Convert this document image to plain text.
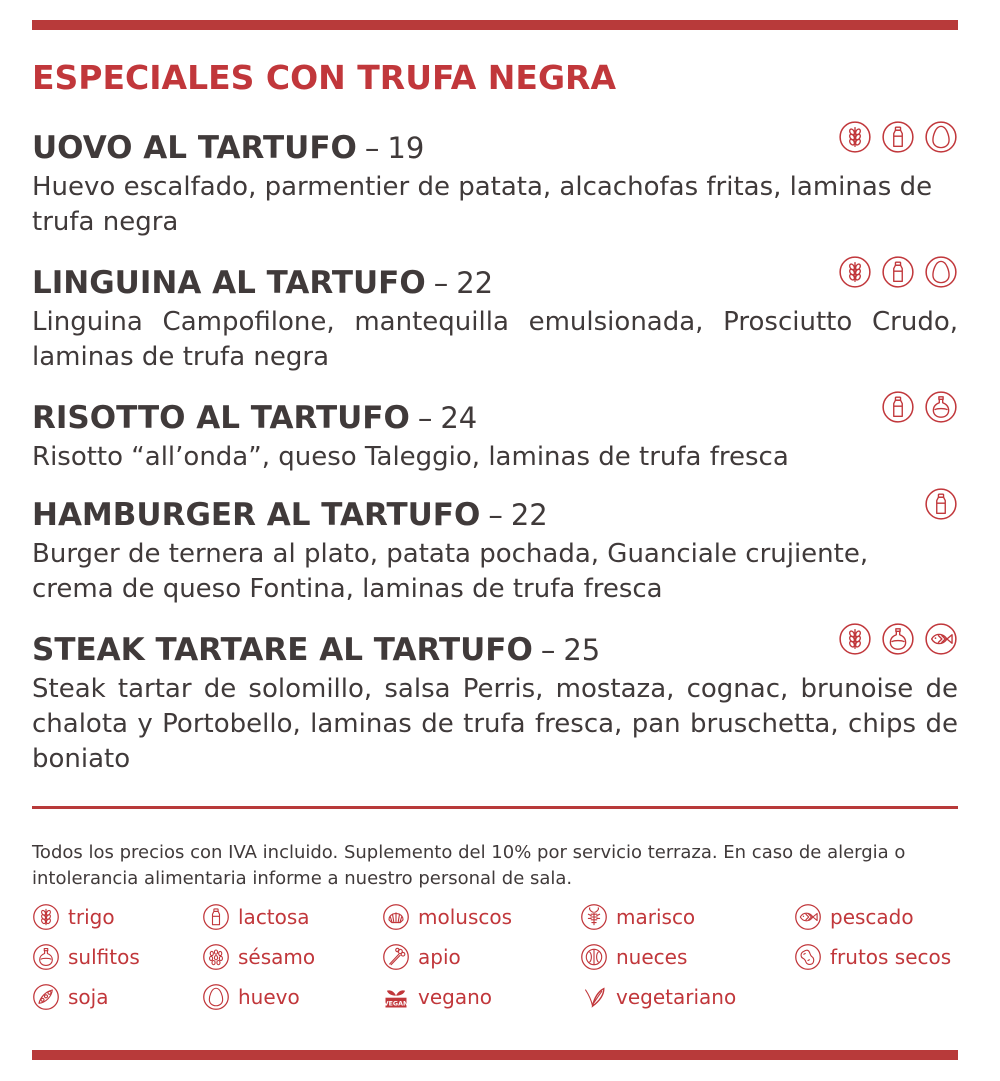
ESPECIALES CON TRUFA NEGRA
UOVO AL TARTUFO – 19

Huevo escalfado, parmentier de patata, alcachofas fritas, laminas de trufa negra

LINGUINA AL TARTUFO – 22

Linguina Campofilone, mantequilla emulsionada, Prosciutto Crudo, laminas de trufa negra

RISOTTO AL TARTUFO – 24

Risotto “all’onda”, queso Taleggio, laminas de trufa fresca

HAMBURGER AL TARTUFO – 22

Burger de ternera al plato, patata pochada, Guanciale crujiente, crema de queso Fontina, laminas de trufa fresca

STEAK TARTARE AL TARTUFO – 25

Steak tartar de solomillo, salsa Perris, mostaza, cognac, brunoise de chalota y Portobello, laminas de trufa fresca, pan bruschetta, chips de boniato

Todos los precios con IVA incluido. Suplemento del 10% por servicio terraza. En caso de alergia o intolerancia alimentaria informe a nuestro personal de sala.

trigo	lactosa	moluscos	marisco	pescado
sulfitos	sésamo	apio	nueces	frutos secos
soja	huevo	VEGAN vegano	vegetariano
